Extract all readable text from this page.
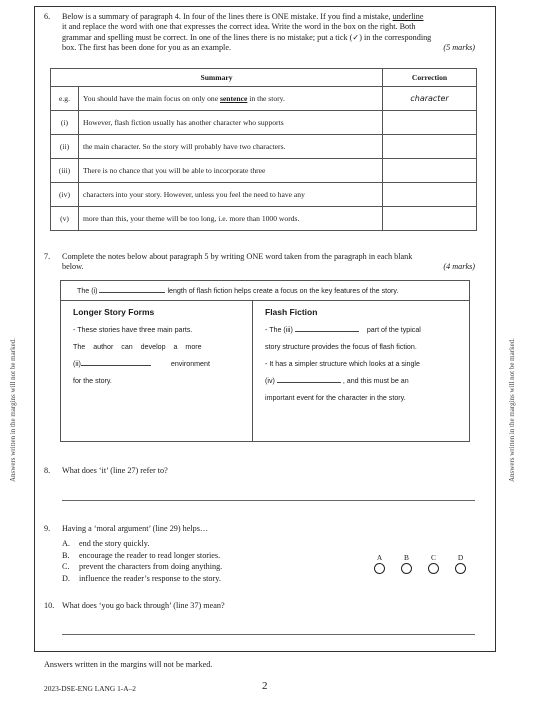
Answers written in the margins will not be marked.	Answers written in the margins will not be marked.
6. Below is a summary of paragraph 4. In four of the lines there is ONE mistake. If you find a mistake, underline
it and replace the word with one that expresses the correct idea. Write the word in the box on the right. Both
grammar and spelling must be correct. In one of the lines there is no mistake; put a tick (✓) in the corresponding
box. The first has been done for you as an example.	(5 marks)
Summary		Correction
e.g.	You should have the main focus on only one sentence in the story.	character
(i)	However, flash fiction usually has another character who supports	
(ii)	the main character. So the story will probably have two characters.	
(iii)	There is no chance that you will be able to incorporate three	
(iv)	characters into your story. However, unless you feel the need to have any	
(v)	more than this, your theme will be too long, i.e. more than 1000 words.	
7. Complete the notes below about paragraph 5 by writing ONE word taken from the paragraph in each blank
below.	(4 marks)
The (i)	length of flash fiction helps create a focus on the key features of the story.
Longer Story Forms

- These stories have three main parts.

The author can develop a more

(ii)	environment

for the story.

Flash Fiction

- The (iii)	part of the typical

story structure provides the focus of flash fiction.

- It has a simpler structure which looks at a single

(iv)	, and this must be an

important event for the character in the story.

8. What does ‘it’ (line 27) refer to?
9. Having a ‘moral argument’ (line 29) helps…
A. end the story quickly.
B. encourage the reader to read longer stories.
C. prevent the characters from doing anything.
D. influence the reader’s response to the story.
A	B	C	D
10. What does ‘you go back through’ (line 37) mean?
Answers written in the margins will not be marked.
2023-DSE-ENG LANG 1-A–2	2
